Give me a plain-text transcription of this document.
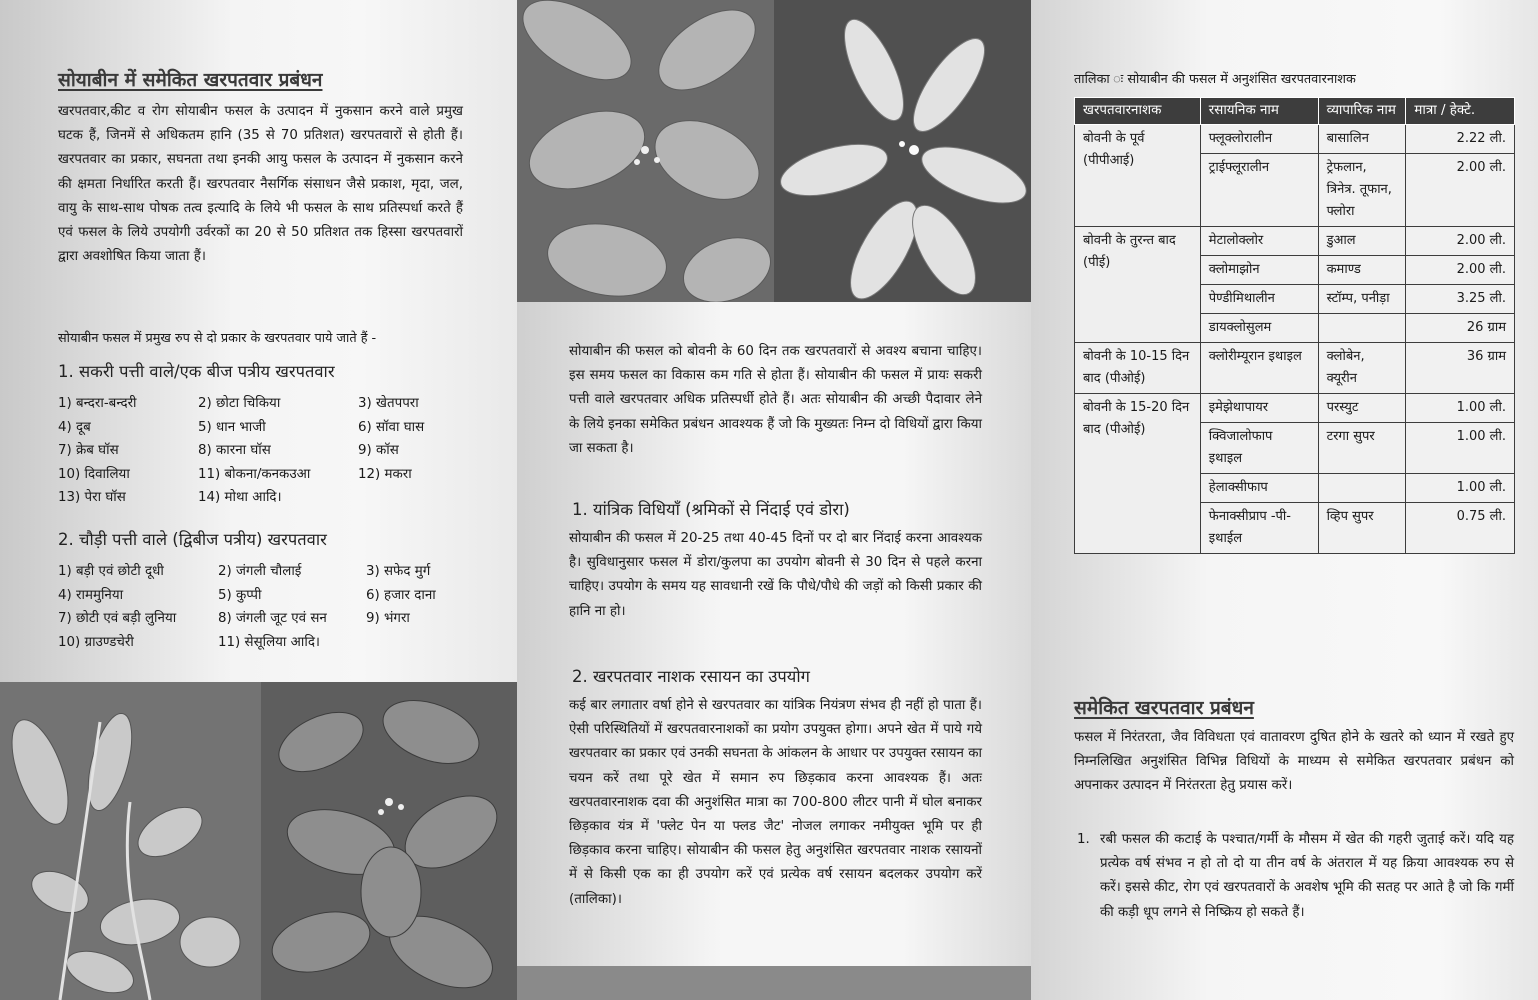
सोयाबीन में समेकित खरपतवार प्रबंधन
खरपतवार,कीट व रोग सोयाबीन फसल के उत्पादन में नुकसान करने वाले प्रमुख घटक हैं, जिनमें से अधिकतम हानि (35 से 70 प्रतिशत) खरपतवारों से होती हैं। खरपतवार का प्रकार, सघनता तथा इनकी आयु फसल के उत्पादन में नुकसान करने की क्षमता निर्धारित करती हैं। खरपतवार नैसर्गिक संसाधन जैसे प्रकाश, मृदा, जल, वायु के साथ-साथ पोषक तत्व इत्यादि के लिये भी फसल के साथ प्रतिस्पर्धा करते हैं एवं फसल के लिये उपयोगी उर्वरकों का 20 से 50 प्रतिशत तक हिस्सा खरपतवारों द्वारा अवशोषित किया जाता हैं।
सोयाबीन फसल में प्रमुख रुप से दो प्रकार के खरपतवार पाये जाते हैं -
1. सकरी पत्ती वाले/एक बीज पत्रीय खरपतवार
1) बन्दरा-बन्दरी	2) छोटा चिकिया	3) खेतपपरा
4) दूब	5) धान भाजी	6) सॉवा घास
7) क्रेब घॉस	8) कारना घॉस	9) कॉस
10) दिवालिया	11) बोकना/कनकउआ	12) मकरा
13) पेरा घॉस	14) मोथा आदि।
2. चौड़ी पत्ती वाले (द्विबीज पत्रीय) खरपतवार
1) बड़ी एवं छोटी दूधी	2) जंगली चौलाई	3) सफेद मुर्ग
4) राममुनिया	5) कुप्पी	6) हजार दाना
7) छोटी एवं बड़ी लुनिया	8) जंगली जूट एवं सन	9) भंगरा
10) ग्राउण्डचेरी	11) सेसूलिया आदि।
सोयाबीन की फसल को बोवनी के 60 दिन तक खरपतवारों से अवश्य बचाना चाहिए। इस समय फसल का विकास कम गति से होता हैं। सोयाबीन की फसल में प्रायः सकरी पत्ती वाले खरपतवार अधिक प्रतिस्पर्धी होते हैं। अतः सोयाबीन की अच्छी पैदावार लेने के लिये इनका समेकित प्रबंधन आवश्यक हैं जो कि मुख्यतः निम्न दो विधियों द्वारा किया जा सकता है।
1. यांत्रिक विधियाँ (श्रमिकों से निंदाई एवं डोरा)
सोयाबीन की फसल में 20-25 तथा 40-45 दिनों पर दो बार निंदाई करना आवश्यक है। सुविधानुसार फसल में डोरा/कुलपा का उपयोग बोवनी से 30 दिन से पहले करना चाहिए। उपयोग के समय यह सावधानी रखें कि पौधे/पौधे की जड़ों को किसी प्रकार की हानि ना हो।
2. खरपतवार नाशक रसायन का उपयोग
कई बार लगातार वर्षा होने से खरपतवार का यांत्रिक नियंत्रण संभव ही नहीं हो पाता हैं। ऐसी परिस्थितियों में खरपतवारनाशकों का प्रयोग उपयुक्त होगा। अपने खेत में पाये गये खरपतवार का प्रकार एवं उनकी सघनता के आंकलन के आधार पर उपयुक्त रसायन का चयन करें तथा पूरे खेत में समान रुप छिड़काव करना आवश्यक हैं। अतः खरपतवारनाशक दवा की अनुशंसित मात्रा का 700-800 लीटर पानी में घोल बनाकर छिड़काव यंत्र में 'फ्लेट पेन या फ्लड जैट' नोजल लगाकर नमीयुक्त भूमि पर ही छिड़काव करना चाहिए। सोयाबीन की फसल हेतु अनुशंसित खरपतवार नाशक रसायनों में से किसी एक का ही उपयोग करें एवं प्रत्येक वर्ष रसायन बदलकर उपयोग करें (तालिका)।
तालिका ः सोयाबीन की फसल में अनुशंसित खरपतवारनाशक
खरपतवारनाशक	रसायनिक नाम	व्यापारिक नाम	मात्रा / हेक्टे.
बोवनी के पूर्व (पीपीआई)	फ्लूक्लोरालीन	बासालिन	2.22 ली.
	ट्राईफ्लूरालीन	ट्रेफलान, त्रिनेत्र. तूफान, फ्लोरा	2.00 ली.
बोवनी के तुरन्त बाद (पीई)	मेटालोक्लोर	डुआल	2.00 ली.
	क्लोमाझोन	कमाण्ड	2.00 ली.
	पेण्डीमिथालीन	स्टॉम्प, पनीड़ा	3.25 ली.
	डायक्लोसुलम		26 ग्राम
बोवनी के 10-15 दिन बाद (पीओई)	क्लोरीम्यूरान इथाइल	क्लोबेन, क्यूरीन	36 ग्राम
बोवनी के 15-20 दिन बाद (पीओई)	इमेझेथापायर	परस्युट	1.00 ली.
	क्विजालोफाप इथाइल	टरगा सुपर	1.00 ली.
	हेलाक्सीफाप		1.00 ली.
	फेनाक्सीप्राप -पी- इथाईल	व्हिप सुपर	0.75 ली.
समेकित खरपतवार प्रबंधन
फसल में निरंतरता, जैव विविधता एवं वातावरण दुषित होने के खतरे को ध्यान में रखते हुए निम्नलिखित अनुशंसित विभिन्न विधियों के माध्यम से समेकित खरपतवार प्रबंधन को अपनाकर उत्पादन में निरंतरता हेतु प्रयास करें।
1. रबी फसल की कटाई के पश्चात/गर्मी के मौसम में खेत की गहरी जुताई करें। यदि यह प्रत्येक वर्ष संभव न हो तो दो या तीन वर्ष के अंतराल में यह क्रिया आवश्यक रुप से करें। इससे कीट, रोग एवं खरपतवारों के अवशेष भूमि की सतह पर आते है जो कि गर्मी की कड़ी धूप लगने से निष्क्रिय हो सकते हैं।
